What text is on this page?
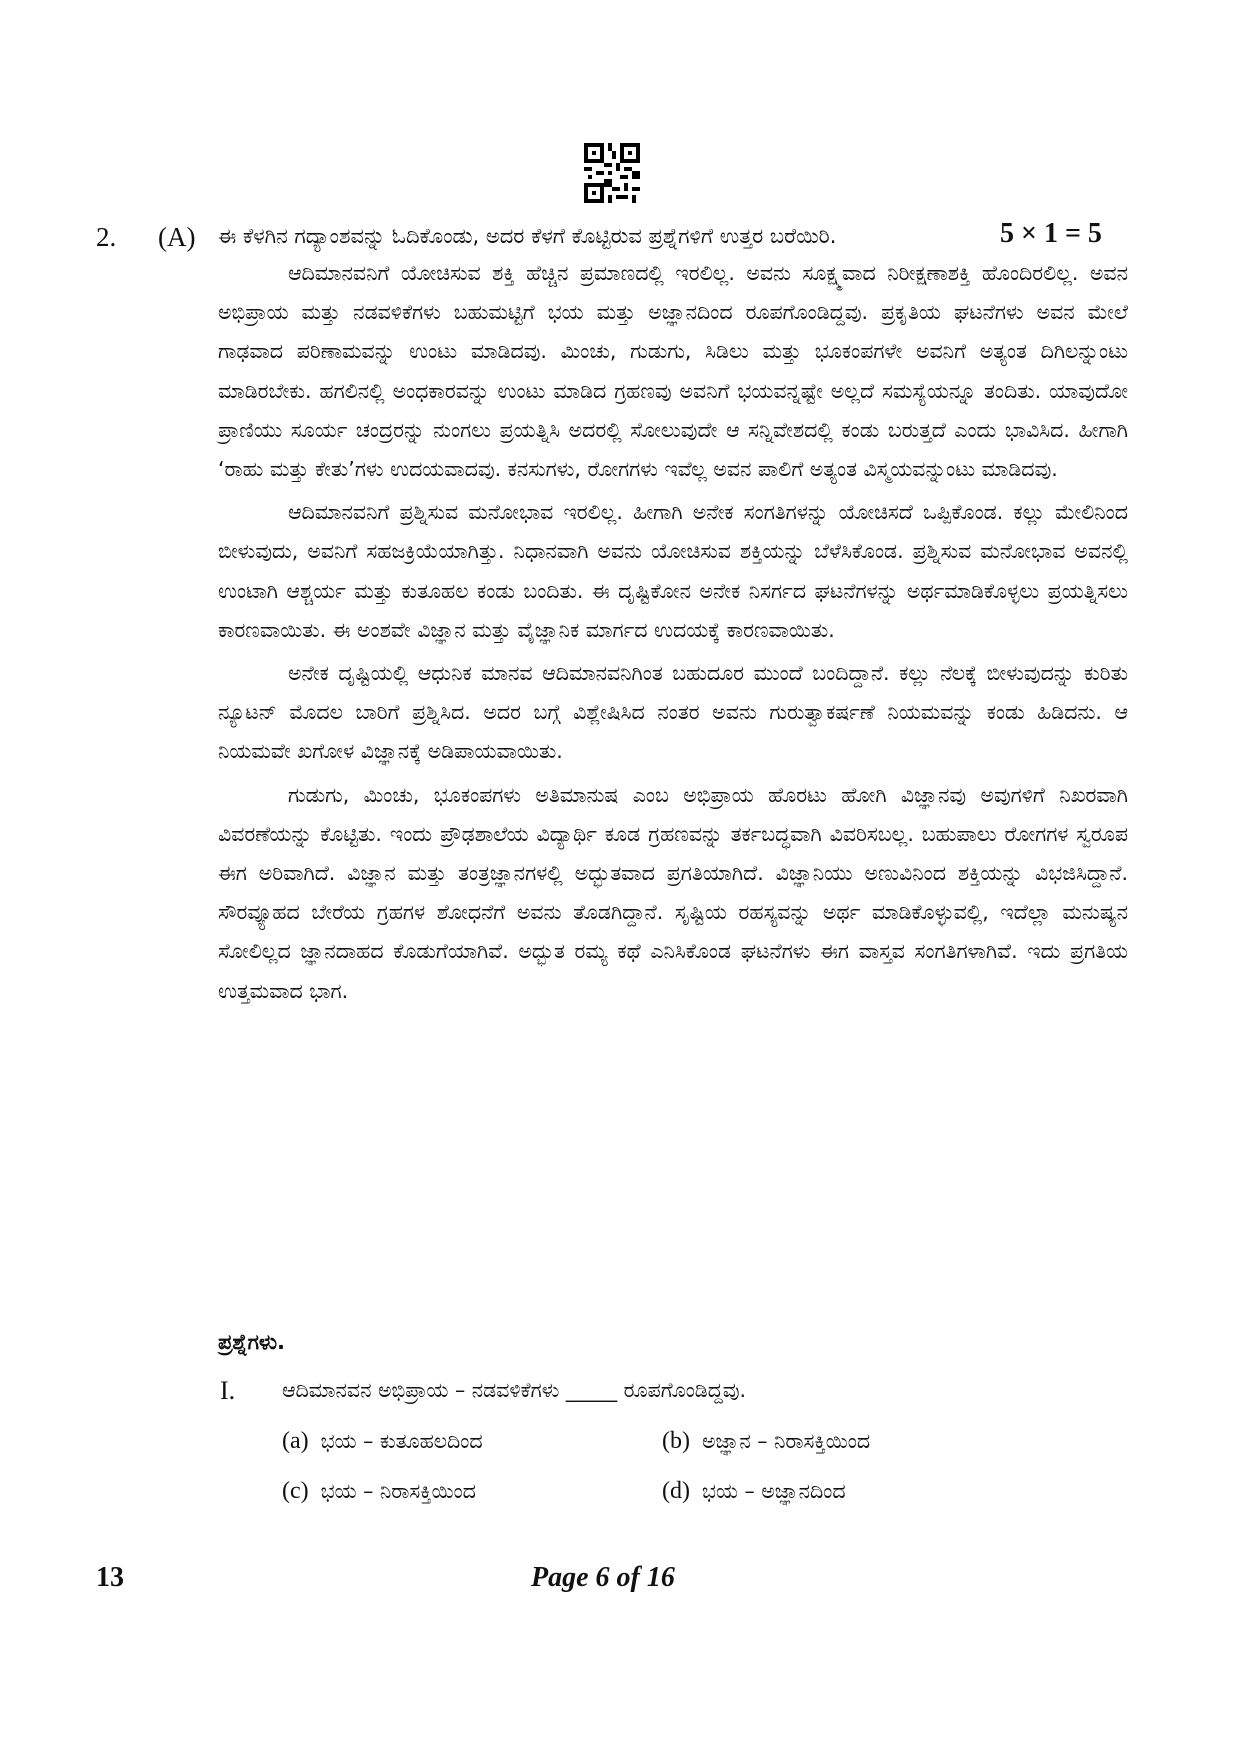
2. (A) ಈ ಕೆಳಗಿನ ಗದ್ಯಾಂಶವನ್ನು ಓದಿಕೊಂಡು, ಅದರ ಕೆಳಗೆ ಕೊಟ್ಟಿರುವ ಪ್ರಶ್ನೆಗಳಿಗೆ ಉತ್ತರ ಬರೆಯಿರಿ.	5 × 1 = 5

ಆದಿಮಾನವನಿಗೆ ಯೋಚಿಸುವ ಶಕ್ತಿ ಹೆಚ್ಚಿನ ಪ್ರಮಾಣದಲ್ಲಿ ಇರಲಿಲ್ಲ. ಅವನು ಸೂಕ್ಷ್ಮವಾದ ನಿರೀಕ್ಷಣಾಶಕ್ತಿ ಹೊಂದಿರಲಿಲ್ಲ. ಅವನ ಅಭಿಪ್ರಾಯ ಮತ್ತು ನಡವಳಿಕೆಗಳು ಬಹುಮಟ್ಟಿಗೆ ಭಯ ಮತ್ತು ಅಜ್ಞಾನದಿಂದ ರೂಪಗೊಂಡಿದ್ದವು. ಪ್ರಕೃತಿಯ ಘಟನೆಗಳು ಅವನ ಮೇಲೆ ಗಾಢವಾದ ಪರಿಣಾಮವನ್ನು ಉಂಟು ಮಾಡಿದವು. ಮಿಂಚು, ಗುಡುಗು, ಸಿಡಿಲು ಮತ್ತು ಭೂಕಂಪಗಳೇ ಅವನಿಗೆ ಅತ್ಯಂತ ದಿಗಿಲನ್ನುಂಟು ಮಾಡಿರಬೇಕು. ಹಗಲಿನಲ್ಲಿ ಅಂಧಕಾರವನ್ನು ಉಂಟು ಮಾಡಿದ ಗ್ರಹಣವು ಅವನಿಗೆ ಭಯವನ್ನಷ್ಟೇ ಅಲ್ಲದೆ ಸಮಸ್ಯೆಯನ್ನೂ ತಂದಿತು. ಯಾವುದೋ ಪ್ರಾಣಿಯು ಸೂರ್ಯ ಚಂದ್ರರನ್ನು ನುಂಗಲು ಪ್ರಯತ್ನಿಸಿ ಅದರಲ್ಲಿ ಸೋಲುವುದೇ ಆ ಸನ್ನಿವೇಶದಲ್ಲಿ ಕಂಡು ಬರುತ್ತದೆ ಎಂದು ಭಾವಿಸಿದ. ಹೀಗಾಗಿ ‘ರಾಹು ಮತ್ತು ಕೇತು’ಗಳು ಉದಯವಾದವು. ಕನಸುಗಳು, ರೋಗಗಳು ಇವೆಲ್ಲ ಅವನ ಪಾಲಿಗೆ ಅತ್ಯಂತ ವಿಸ್ಮಯವನ್ನುಂಟು ಮಾಡಿದವು.

ಆದಿಮಾನವನಿಗೆ ಪ್ರಶ್ನಿಸುವ ಮನೋಭಾವ ಇರಲಿಲ್ಲ. ಹೀಗಾಗಿ ಅನೇಕ ಸಂಗತಿಗಳನ್ನು ಯೋಚಿಸದೆ ಒಪ್ಪಿಕೊಂಡ. ಕಲ್ಲು ಮೇಲಿನಿಂದ ಬೀಳುವುದು, ಅವನಿಗೆ ಸಹಜಕ್ರಿಯೆಯಾಗಿತ್ತು. ನಿಧಾನವಾಗಿ ಅವನು ಯೋಚಿಸುವ ಶಕ್ತಿಯನ್ನು ಬೆಳೆಸಿಕೊಂಡ. ಪ್ರಶ್ನಿಸುವ ಮನೋಭಾವ ಅವನಲ್ಲಿ ಉಂಟಾಗಿ ಆಶ್ಚರ್ಯ ಮತ್ತು ಕುತೂಹಲ ಕಂಡು ಬಂದಿತು. ಈ ದೃಷ್ಟಿಕೋನ ಅನೇಕ ನಿಸರ್ಗದ ಘಟನೆಗಳನ್ನು ಅರ್ಥಮಾಡಿಕೊಳ್ಳಲು ಪ್ರಯತ್ನಿಸಲು ಕಾರಣವಾಯಿತು. ಈ ಅಂಶವೇ ವಿಜ್ಞಾನ ಮತ್ತು ವೈಜ್ಞಾನಿಕ ಮಾರ್ಗದ ಉದಯಕ್ಕೆ ಕಾರಣವಾಯಿತು.

ಅನೇಕ ದೃಷ್ಟಿಯಲ್ಲಿ ಆಧುನಿಕ ಮಾನವ ಆದಿಮಾನವನಿಗಿಂತ ಬಹುದೂರ ಮುಂದೆ ಬಂದಿದ್ದಾನೆ. ಕಲ್ಲು ನೆಲಕ್ಕೆ ಬೀಳುವುದನ್ನು ಕುರಿತು ನ್ಯೂಟನ್ ಮೊದಲ ಬಾರಿಗೆ ಪ್ರಶ್ನಿಸಿದ. ಅದರ ಬಗ್ಗೆ ವಿಶ್ಲೇಷಿಸಿದ ನಂತರ ಅವನು ಗುರುತ್ವಾಕರ್ಷಣೆ ನಿಯಮವನ್ನು ಕಂಡು ಹಿಡಿದನು. ಆ ನಿಯಮವೇ ಖಗೋಳ ವಿಜ್ಞಾನಕ್ಕೆ ಅಡಿಪಾಯವಾಯಿತು.

ಗುಡುಗು, ಮಿಂಚು, ಭೂಕಂಪಗಳು ಅತಿಮಾನುಷ ಎಂಬ ಅಭಿಪ್ರಾಯ ಹೊರಟು ಹೋಗಿ ವಿಜ್ಞಾನವು ಅವುಗಳಿಗೆ ನಿಖರವಾಗಿ ವಿವರಣೆಯನ್ನು ಕೊಟ್ಟಿತು. ಇಂದು ಪ್ರೌಢಶಾಲೆಯ ವಿದ್ಯಾರ್ಥಿ ಕೂಡ ಗ್ರಹಣವನ್ನು ತರ್ಕಬದ್ಧವಾಗಿ ವಿವರಿಸಬಲ್ಲ. ಬಹುಪಾಲು ರೋಗಗಳ ಸ್ವರೂಪ ಈಗ ಅರಿವಾಗಿದೆ. ವಿಜ್ಞಾನ ಮತ್ತು ತಂತ್ರಜ್ಞಾನಗಳಲ್ಲಿ ಅದ್ಭುತವಾದ ಪ್ರಗತಿಯಾಗಿದೆ. ವಿಜ್ಞಾನಿಯು ಅಣುವಿನಿಂದ ಶಕ್ತಿಯನ್ನು ವಿಭಜಿಸಿದ್ದಾನೆ. ಸೌರವ್ಯೂಹದ ಬೇರೆಯ ಗ್ರಹಗಳ ಶೋಧನೆಗೆ ಅವನು ತೊಡಗಿದ್ದಾನೆ. ಸೃಷ್ಟಿಯ ರಹಸ್ಯವನ್ನು ಅರ್ಥ ಮಾಡಿಕೊಳ್ಳುವಲ್ಲಿ, ಇದೆಲ್ಲಾ ಮನುಷ್ಯನ ಸೋಲಿಲ್ಲದ ಜ್ಞಾನದಾಹದ ಕೊಡುಗೆಯಾಗಿವೆ. ಅದ್ಭುತ ರಮ್ಯ ಕಥೆ ಎನಿಸಿಕೊಂಡ ಘಟನೆಗಳು ಈಗ ವಾಸ್ತವ ಸಂಗತಿಗಳಾಗಿವೆ. ಇದು ಪ್ರಗತಿಯ ಉತ್ತಮವಾದ ಭಾಗ.

ಪ್ರಶ್ನೆಗಳು.
I. ಆದಿಮಾನವನ ಅಭಿಪ್ರಾಯ – ನಡವಳಿಕೆಗಳು _____ ರೂಪಗೊಂಡಿದ್ದವು.
(a) ಭಯ – ಕುತೂಹಲದಿಂದ	(b) ಅಜ್ಞಾನ – ನಿರಾಸಕ್ತಿಯಿಂದ
(c) ಭಯ – ನಿರಾಸಕ್ತಿಯಿಂದ	(d) ಭಯ – ಅಜ್ಞಾನದಿಂದ
13	Page 6 of 16
